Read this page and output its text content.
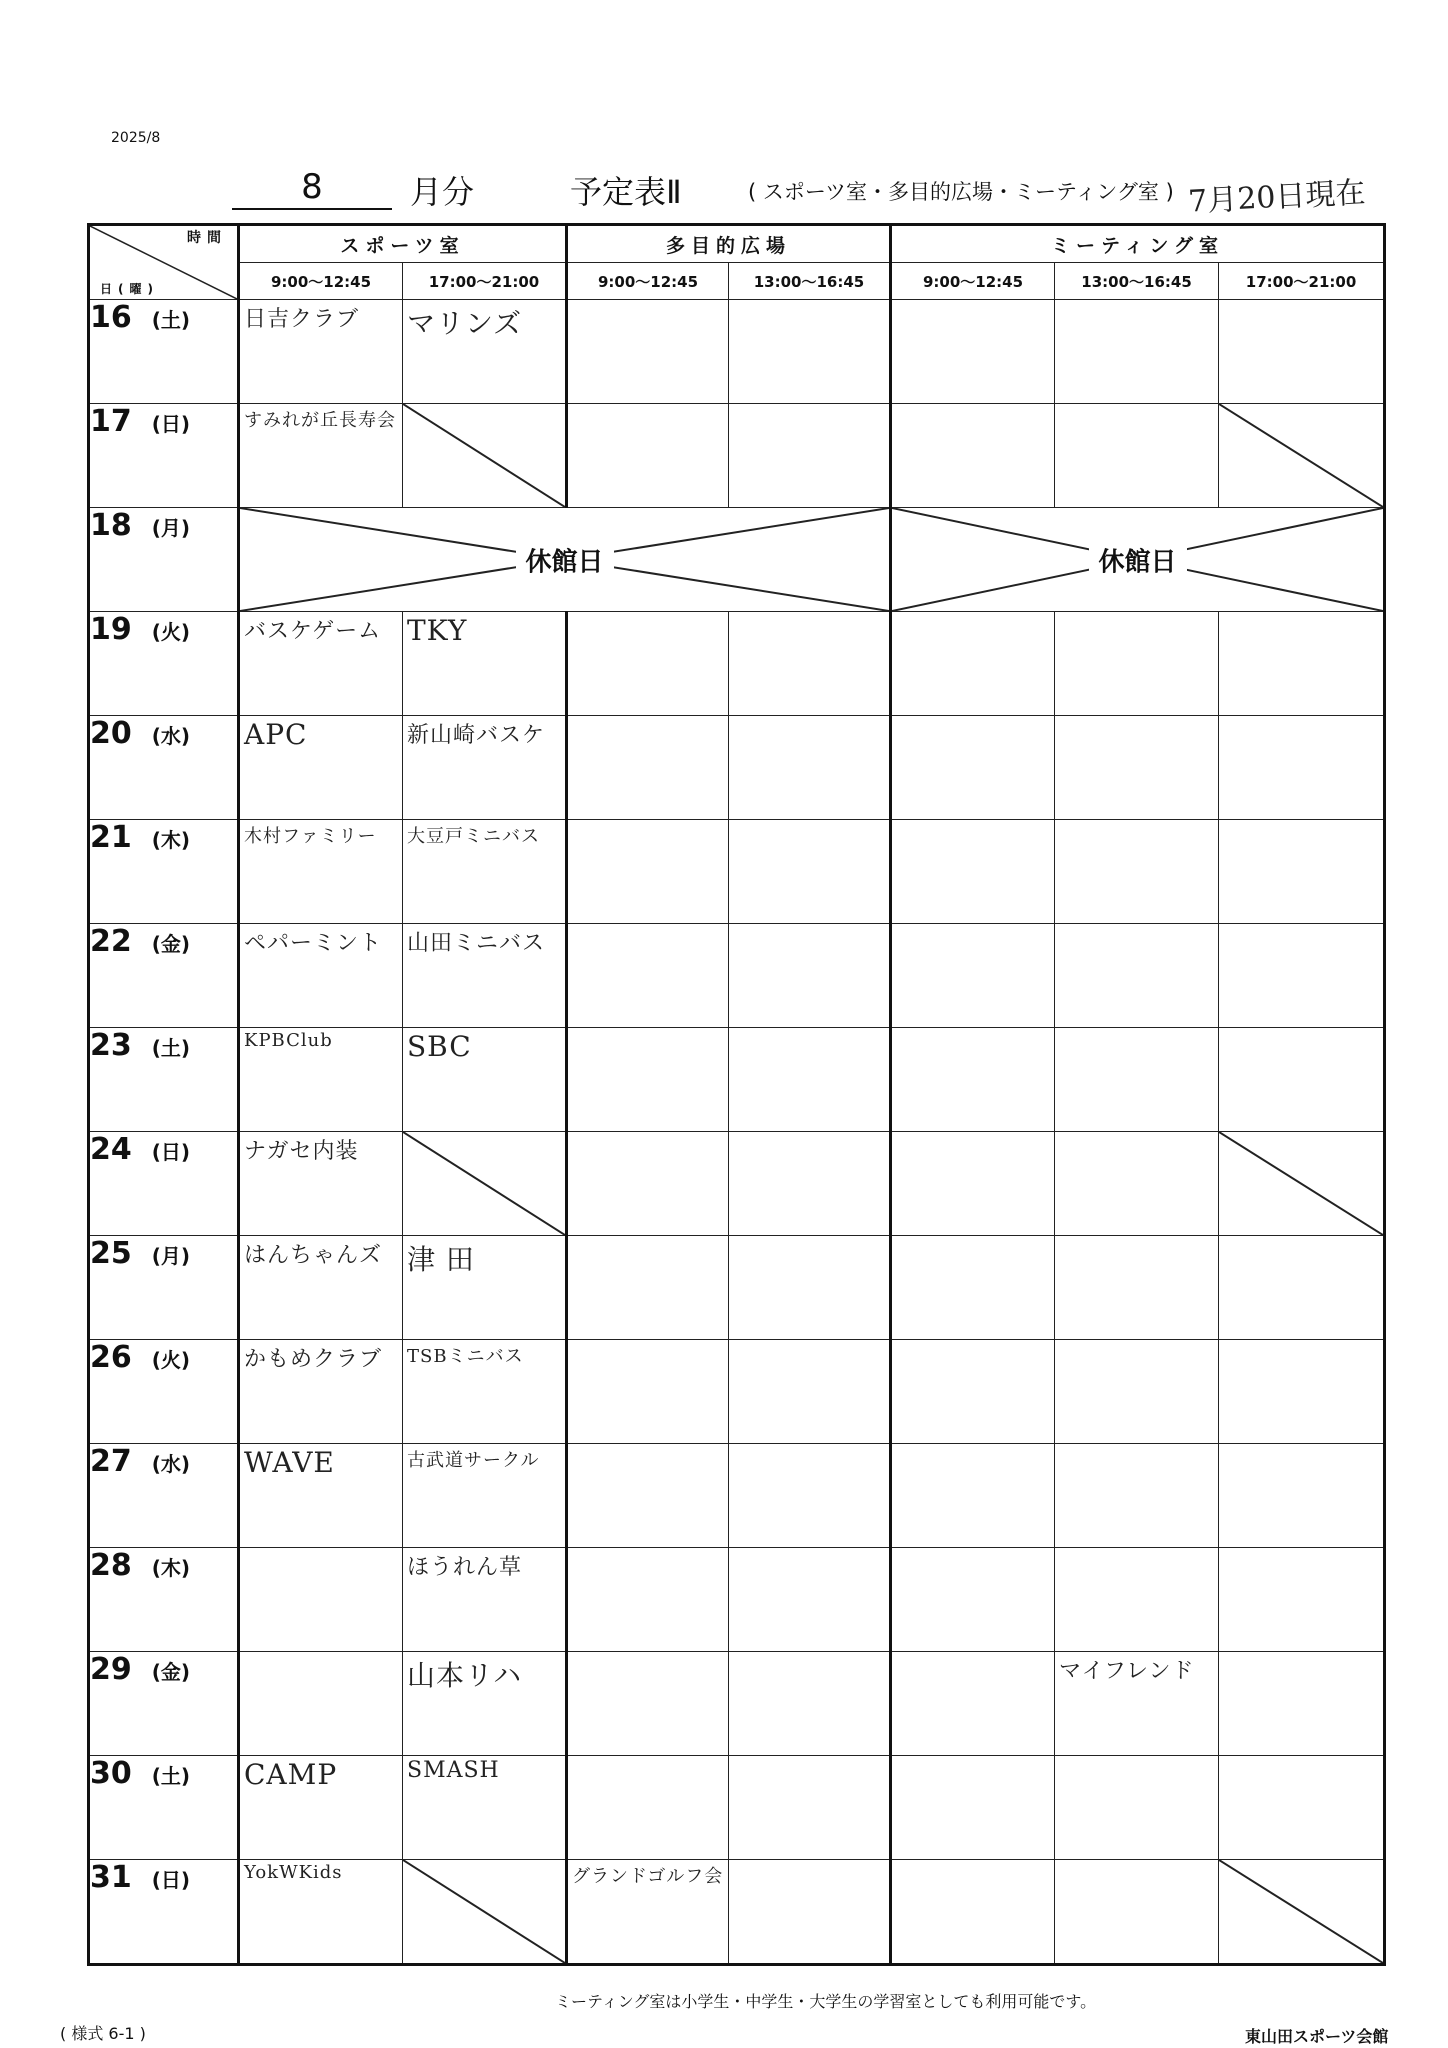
2025/8
8	月分	予定表Ⅱ	( スポーツ室・多目的広場・ミーティング室 ) 7月20日現在
時間
日(曜)	スポーツ室		多目的広場		ミーティング室		
	9:00〜12:45	17:00〜21:00	9:00〜12:45	13:00〜16:45	9:00〜12:45	13:00〜16:45	17:00〜21:00
16 (土)	日吉クラブ	マリンズ					

17 (日)	すみれが丘長寿会

18 (月)	休館日				休館日		

19 (火)	バスケゲーム	TKY					

20 (水)	APC	新山崎バスケ					

21 (木)	木村ファミリー	大豆戸ミニバス					

22 (金)	ペパーミント	山田ミニバス					

23 (土)	KPBClub	SBC					

24 (日)	ナガセ内装

25 (月)	はんちゃんズ	津 田					

26 (火)	かもめクラブ	TSBミニバス					

27 (水)	WAVE	古武道サークル					

28 (木)		ほうれん草					

29 (金)		山本リハ				マイフレンド	

30 (土)	CAMP	SMASH					

31 (日)	YokWKids		グランドゴルフ会

ミーティング室は小学生・中学生・大学生の学習室としても利用可能です。
( 様式 6-1 )	東山田スポーツ会館
